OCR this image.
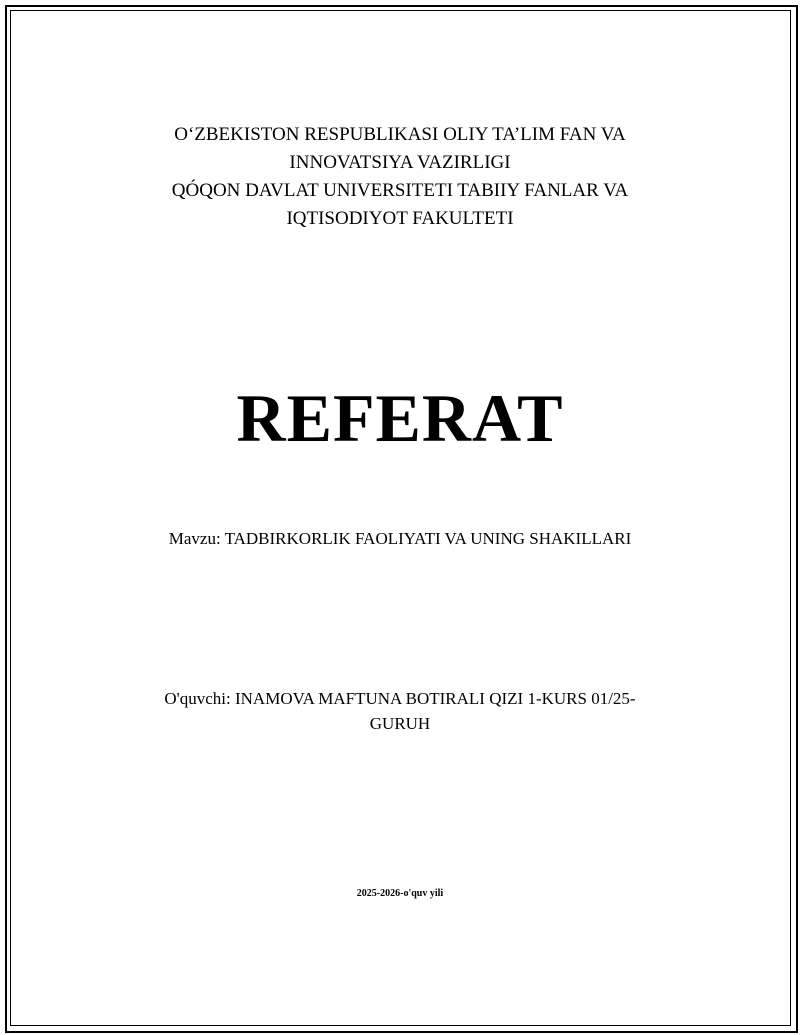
O‘ZBEKISTON RESPUBLIKASI OLIY TA’LIM FAN VA
INNOVATSIYA VAZIRLIGI
QÓQON DAVLAT UNIVERSITETI TABIIY FANLAR VA
IQTISODIYOT FAKULTETI
REFERAT
Mavzu: TADBIRKORLIK FAOLIYATI VA UNING SHAKILLARI
O'quvchi: INAMOVA MAFTUNA BOTIRALI QIZI 1-KURS 01/25-
GURUH
2025-2026-o'quv yili
